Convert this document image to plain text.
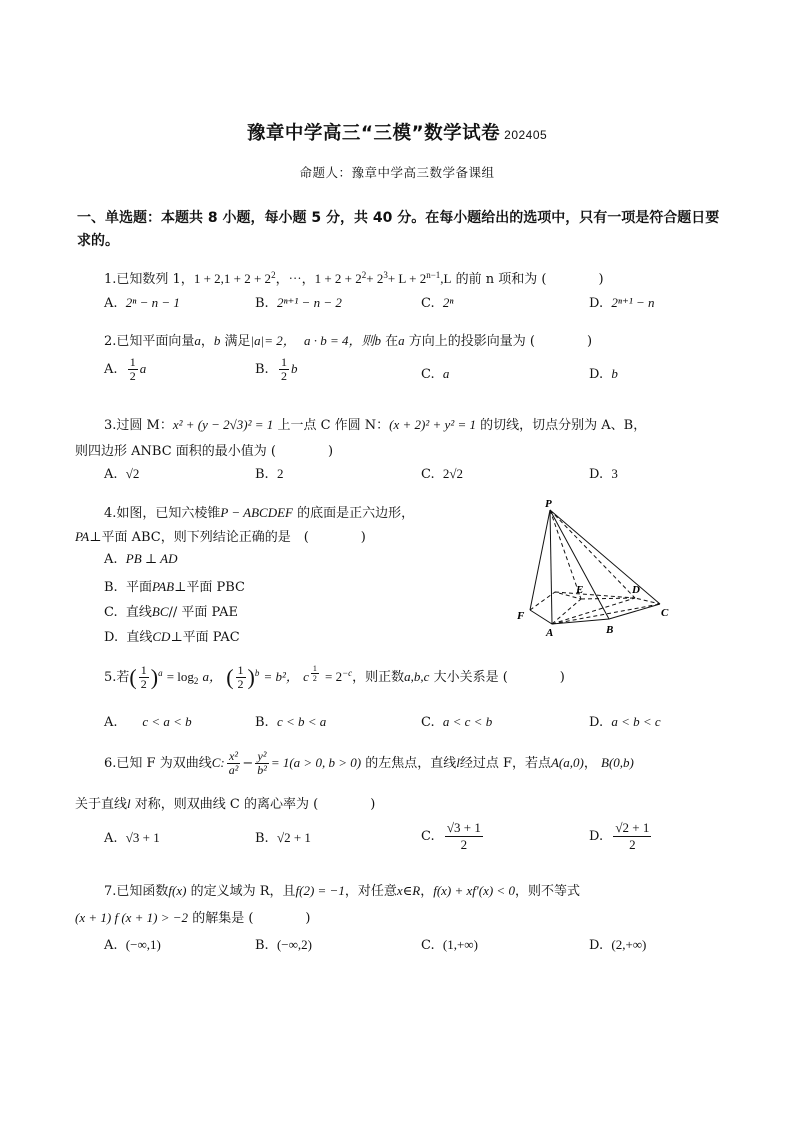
豫章中学高三“三模”数学试卷 202405
命题人：豫章中学高三数学备课组
一、单选题：本题共 8 小题，每小题 5 分，共 40 分。在每小题给出的选项中，只有一项是符合题日要求的。
1.已知数列 1，$1 + 2,1 + 2 + 2^2$，⋯，$1 + 2 + 2^2+ 2^3+ L + 2^{n-1},L$ 的前 n 项和为 (　　　　)
A. 2ⁿ − n − 1	B. 2ⁿ⁺¹ − n − 2	C. 2ⁿ	D. 2ⁿ⁺¹ − n
2.已知平面向量a，b 满足|a|= 2， a · b = 4，则b 在a 方向上的投影向量为 (　　　　)
A. $\frac{1}{2}$ a	B. $\frac{1}{2}$ b	C. a	D. b
3.过圆 M：x² + (y − 2√3)² = 1 上一点 C 作圆 N：(x + 2)² + y² = 1 的切线，切点分别为 A、B，
则四边形 ANBC 面积的最小值为 (　　　　)
A. √2	B. 2	C. 2√2	D. 3
4.如图，已知六棱锥P − ABCDEF 的底面是正六边形，
PA⊥平面 ABC，则下列结论正确的是　(　　　　)
A. PB ⊥ AD
B. 平面PAB⊥平面 PBC
C. 直线BC// 平面 PAE
D. 直线CD⊥平面 PAC
P
E	D
F	C
A	B
5.若( $\frac{1}{2} )^a = \log_2 a$， ( $\frac{1}{2} )^b = b^2$， c $^{\frac{1}{2}} = 2^{-c}$，则正数a,b,c 大小关系是 (　　　　)
A. c < a < b	B. c < b < a	C. a < c < b	D. a < b < c
6.已知 F 为双曲线C: $\frac{\text{x²}}{\text{a²}} - \frac{\text{y²}}{\text{b²}} = 1(a > 0$, b > 0) 的左焦点，直线l经过点 F，若点A(a,0)， B(0,b)
关于直线l 对称，则双曲线 C 的离心率为 (　　　　)
A. √3 + 1	B. √2 + 1	C. $\frac{√3 + 1}{2}$	D. $\frac{√2 + 1}{2}$
7.已知函数f(x) 的定义域为 R，且f(2) = −1，对任意x∈R，f(x) + xf′(x) < 0，则不等式
(x + 1) f (x + 1) > −2 的解集是 (　　　　)
A. (−∞,1)	B. (−∞,2)	C. (1,+∞)	D. (2,+∞)
